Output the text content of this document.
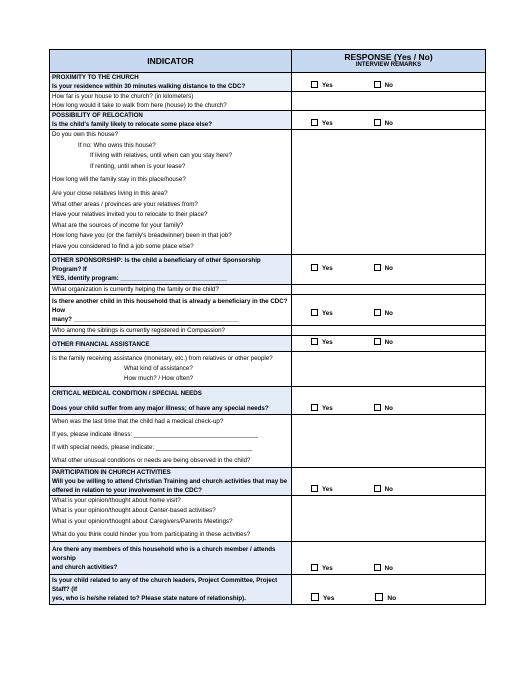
INDICATOR	RESPONSE (Yes / No)
INTERVIEW REMARKS
PROXIMITY TO THE CHURCH
Is your residence within 30 minutes walking distance to the CDC?	Yes	No
How far is your house to the church? (in kilometers)
How long would it take to walk from here (house) to the church?
POSSIBILITY OF RELOCATION
Is the child's family likely to relocate some place else?	Yes	No
Do you own this house?
If no: Who owns this house?
If living with relatives, until when can you stay here?
If renting, until when is your lease?
How long will the family stay in this place/house?
Are your close relatives living in this area?
What other areas / provinces are your relatives from?
Have your relatives invited you to relocate to their place?
What are the sources of income for your family?
How long have you (or the family's breadwinner) been in that job?
Have you considered to find a job some place else?
OTHER SPONSORSHIP: Is the child a beneficiary of other Sponsorship Program? If
YES, identify program: _______________________________
Yes	No
What organization is currently helping the family or the child?
Is there another child in this household that is already a beneficiary in the CDC? How
many? ________________________________________________
Yes	No
Who among the siblings is currently registered in Compassion?
OTHER FINANCIAL ASSISTANCE	Yes	No
Is the family receiving assistance (monetary, etc.) from relatives or other people?
What kind of assistance?
How much? / How often?
CRITICAL MEDICAL CONDITION / SPECIAL NEEDS
Does your child suffer from any major illness; of have any special needs?	Yes	No
When was the last time that the child had a medical check-up?
If yes, please indicate illness: ____________________________________
If with special needs, please indicate: ____________________________
What other unusual conditions or needs are being observed in the child?
PARTICIPATION IN CHURCH ACTIVITIES
Will you be willing to attend Christian Training and church activities that may be
offered in relation to your involvement in the CDC?	Yes	No
What is your opinion/thought about home visit?
What is your opinion/thought about Center-based activities?
What is your opinion/thought about Caregivers/Parents Meetings?
What do you think could hinder you from participating in these activities?
Are there any members of this household who is a church member / attends worship
and church activities?	Yes	No
Is your child related to any of the church leaders, Project Committee, Project Staff? (If
yes, who is he/she related to? Please state nature of relationship).	Yes	No
